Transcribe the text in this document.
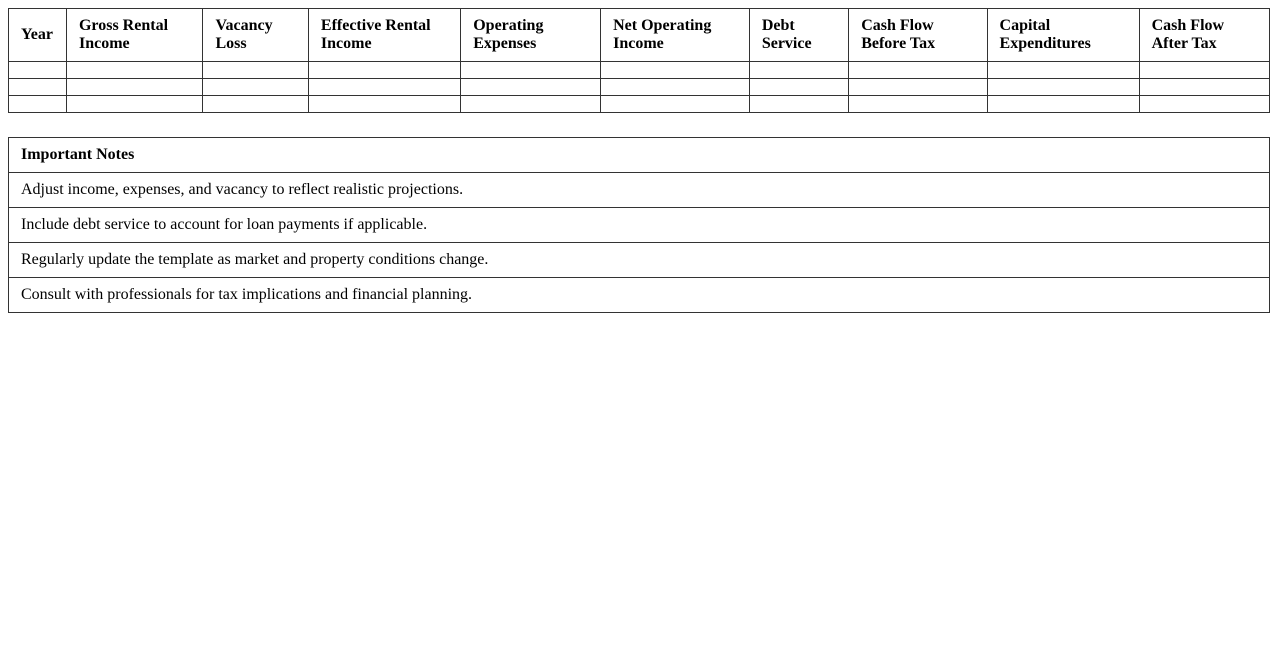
Year	Gross Rental Income	Vacancy Loss	Effective Rental Income	Operating Expenses	Net Operating Income	Debt Service	Cash Flow Before Tax	Capital Expenditures	Cash Flow After Tax

Important Notes
Adjust income, expenses, and vacancy to reflect realistic projections.
Include debt service to account for loan payments if applicable.
Regularly update the template as market and property conditions change.
Consult with professionals for tax implications and financial planning.
